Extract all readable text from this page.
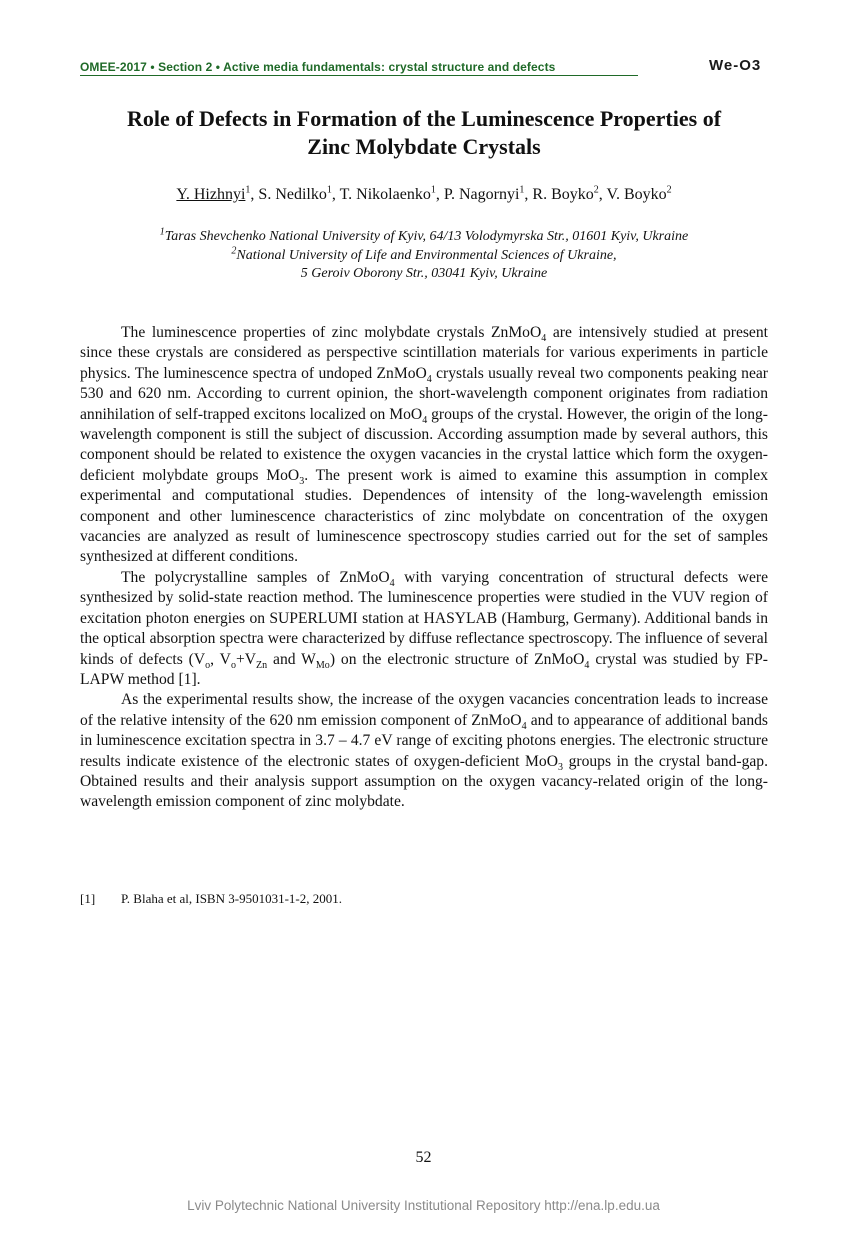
OMEE-2017 • Section 2 • Active media fundamentals: crystal structure and defects	We-O3
Role of Defects in Formation of the Luminescence Properties of
Zinc Molybdate Crystals
Y. Hizhnyi$^1$, S. Nedilko$^1$, T. Nikolaenko$^1$, P. Nagornyi$^1$, R. Boyko$^2$, V. Boyko$^2$
$^1$Taras Shevchenko National University of Kyiv, 64/13 Volodymyrska Str., 01601 Kyiv, Ukraine
$^2$National University of Life and Environmental Sciences of Ukraine,
5 Geroiv Oborony Str., 03041 Kyiv, Ukraine

The luminescence properties of zinc molybdate crystals ZnMoO$_4$ are intensively studied at present since these crystals are considered as perspective scintillation materials for various experiments in particle physics. The luminescence spectra of undoped ZnMoO$_4$ crystals usually reveal two components peaking near 530 and 620 nm. According to current opinion, the short-wavelength component originates from radiation annihilation of self-trapped excitons localized on MoO$_4$ groups of the crystal. However, the origin of the long-wavelength component is still the subject of discussion. According assumption made by several authors, this component should be related to existence the oxygen vacancies in the crystal lattice which form the oxygen-deficient molybdate groups MoO$_3$. The present work is aimed to examine this assumption in complex experimental and computational studies. Dependences of intensity of the long-wavelength emission component and other luminescence characteristics of zinc molybdate on concentration of the oxygen vacancies are analyzed as result of luminescence spectroscopy studies carried out for the set of samples synthesized at different conditions.

The polycrystalline samples of ZnMoO$_4$ with varying concentration of structural defects were synthesized by solid-state reaction method. The luminescence properties were studied in the VUV region of excitation photon energies on SUPERLUMI station at HASYLAB (Hamburg, Germany). Additional bands in the optical absorption spectra were characterized by diffuse reflectance spectroscopy. The influence of several kinds of defects ($V_o$, $V_o+V_{Zn}$ and $W_{Mo}$) on the electronic structure of ZnMoO$_4$ crystal was studied by FP-LAPW method [1].

As the experimental results show, the increase of the oxygen vacancies concentration leads to increase of the relative intensity of the 620 nm emission component of ZnMoO$_4$ and to appearance of additional bands in luminescence excitation spectra in 3.7 – 4.7 eV range of exciting photons energies. The electronic structure results indicate existence of the electronic states of oxygen-deficient MoO$_3$ groups in the crystal band-gap. Obtained results and their analysis support assumption on the oxygen vacancy-related origin of the long-wavelength emission component of zinc molybdate.

[1] P. Blaha et al, ISBN 3-9501031-1-2, 2001.
52
Lviv Polytechnic National University Institutional Repository http://ena.lp.edu.ua
